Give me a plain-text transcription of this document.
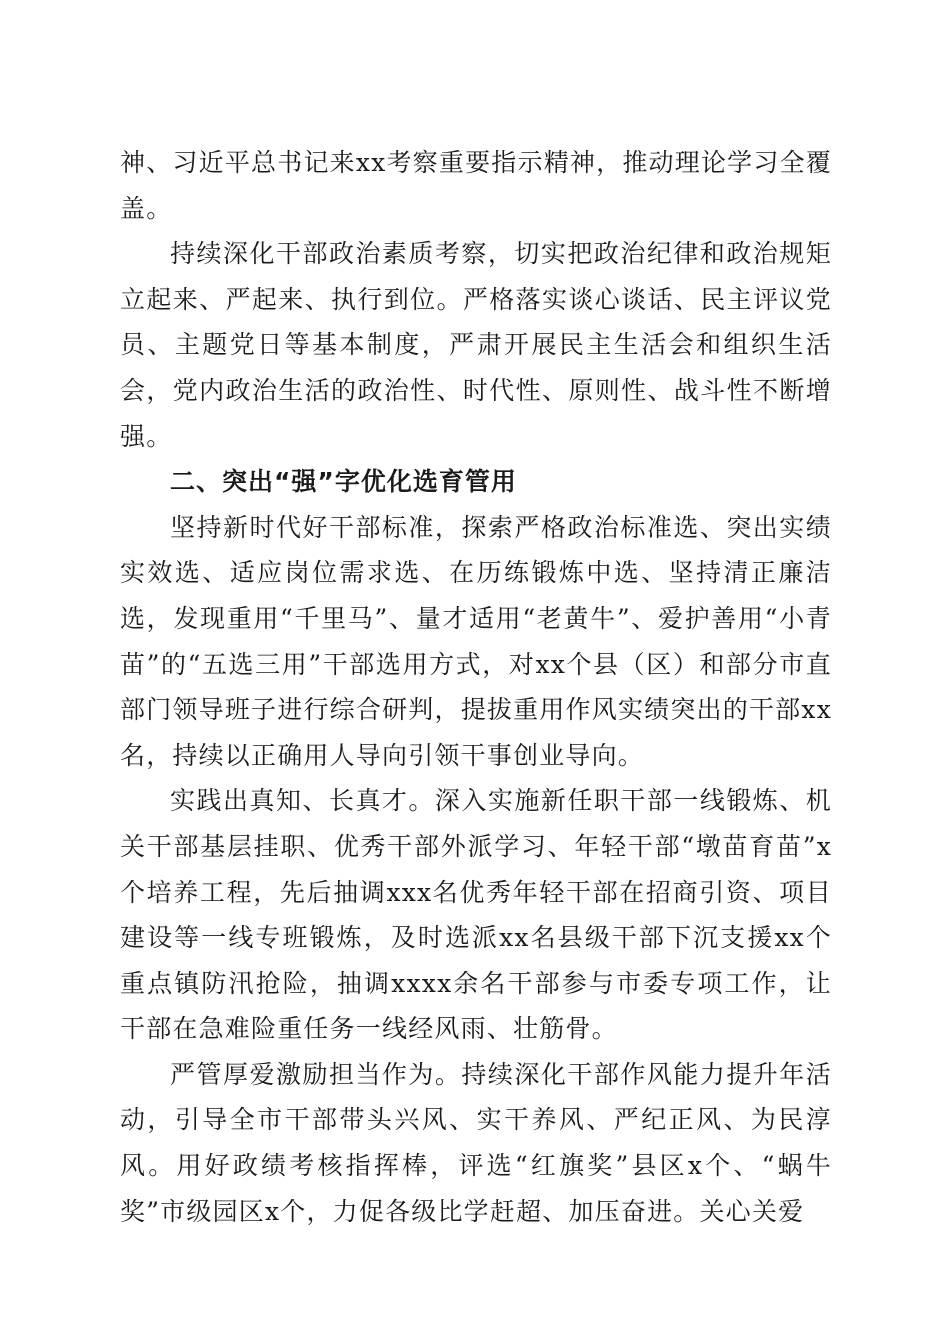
神、习近平总书记来xx考察重要指示精神，推动理论学习全覆盖。

持续深化干部政治素质考察，切实把政治纪律和政治规矩立起来、严起来、执行到位。严格落实谈心谈话、民主评议党员、主题党日等基本制度，严肃开展民主生活会和组织生活会，党内政治生活的政治性、时代性、原则性、战斗性不断增强。

二、突出“强”字优化选育管用

坚持新时代好干部标准，探索严格政治标准选、突出实绩实效选、适应岗位需求选、在历练锻炼中选、坚持清正廉洁选，发现重用“千里马”、量才适用“老黄牛”、爱护善用“小青苗”的“五选三用”干部选用方式，对xx个县（区）和部分市直部门领导班子进行综合研判，提拔重用作风实绩突出的干部xx名，持续以正确用人导向引领干事创业导向。

实践出真知、长真才。深入实施新任职干部一线锻炼、机关干部基层挂职、优秀干部外派学习、年轻干部“墩苗育苗”x个培养工程，先后抽调xxx名优秀年轻干部在招商引资、项目建设等一线专班锻炼，及时选派xx名县级干部下沉支援xx个重点镇防汛抢险，抽调xxxx余名干部参与市委专项工作，让干部在急难险重任务一线经风雨、壮筋骨。

严管厚爱激励担当作为。持续深化干部作风能力提升年活动，引导全市干部带头兴风、实干养风、严纪正风、为民淳风。用好政绩考核指挥棒，评选“红旗奖”县区x个、“蜗牛奖”市级园区x个，力促各级比学赶超、加压奋进。关心关爱
